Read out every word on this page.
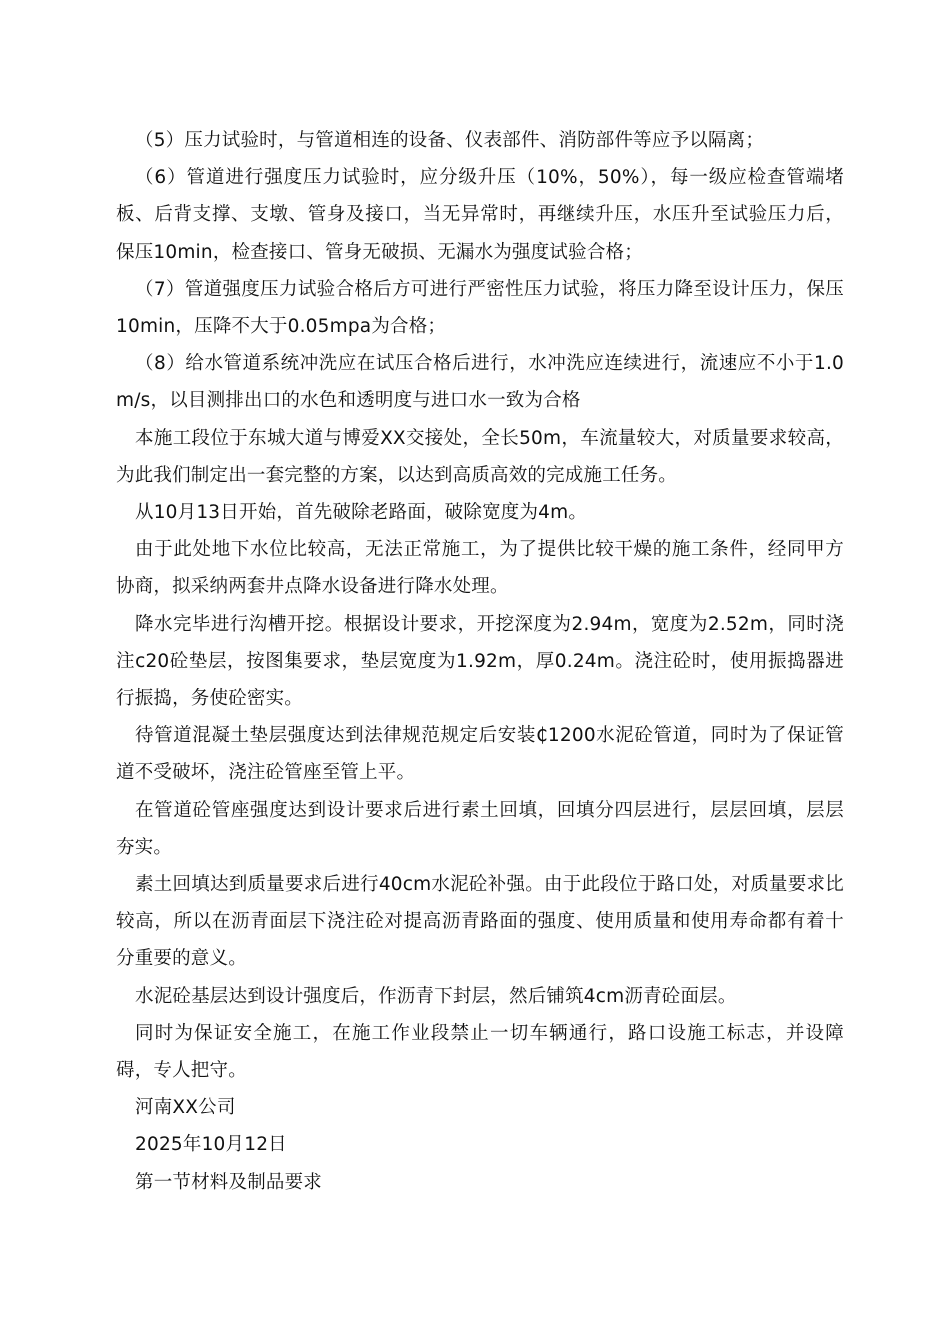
（5）压力试验时，与管道相连的设备、仪表部件、消防部件等应予以隔离；

（6）管道进行强度压力试验时，应分级升压（10%，50%），每一级应检查管端堵板、后背支撑、支墩、管身及接口，当无异常时，再继续升压，水压升至试验压力后，保压10min，检查接口、管身无破损、无漏水为强度试验合格；

（7）管道强度压力试验合格后方可进行严密性压力试验，将压力降至设计压力，保压10min，压降不大于0.05mpa为合格；

（8）给水管道系统冲洗应在试压合格后进行，水冲洗应连续进行，流速应不小于1.0m/s，以目测排出口的水色和透明度与进口水一致为合格

本施工段位于东城大道与博爱XX交接处，全长50m，车流量较大，对质量要求较高，为此我们制定出一套完整的方案，以达到高质高效的完成施工任务。

从10月13日开始，首先破除老路面，破除宽度为4m。

由于此处地下水位比较高，无法正常施工，为了提供比较干燥的施工条件，经同甲方协商，拟采纳两套井点降水设备进行降水处理。

降水完毕进行沟槽开挖。根据设计要求，开挖深度为2.94m，宽度为2.52m，同时浇注c20砼垫层，按图集要求，垫层宽度为1.92m，厚0.24m。浇注砼时，使用振捣器进行振捣，务使砼密实。

待管道混凝土垫层强度达到法律规范规定后安装₵1200水泥砼管道，同时为了保证管道不受破坏，浇注砼管座至管上平。

在管道砼管座强度达到设计要求后进行素土回填，回填分四层进行，层层回填，层层夯实。

素土回填达到质量要求后进行40cm水泥砼补强。由于此段位于路口处，对质量要求比较高，所以在沥青面层下浇注砼对提高沥青路面的强度、使用质量和使用寿命都有着十分重要的意义。

水泥砼基层达到设计强度后，作沥青下封层，然后铺筑4cm沥青砼面层。

同时为保证安全施工，在施工作业段禁止一切车辆通行，路口设施工标志，并设障碍，专人把守。

河南XX公司

2025年10月12日

第一节材料及制品要求
